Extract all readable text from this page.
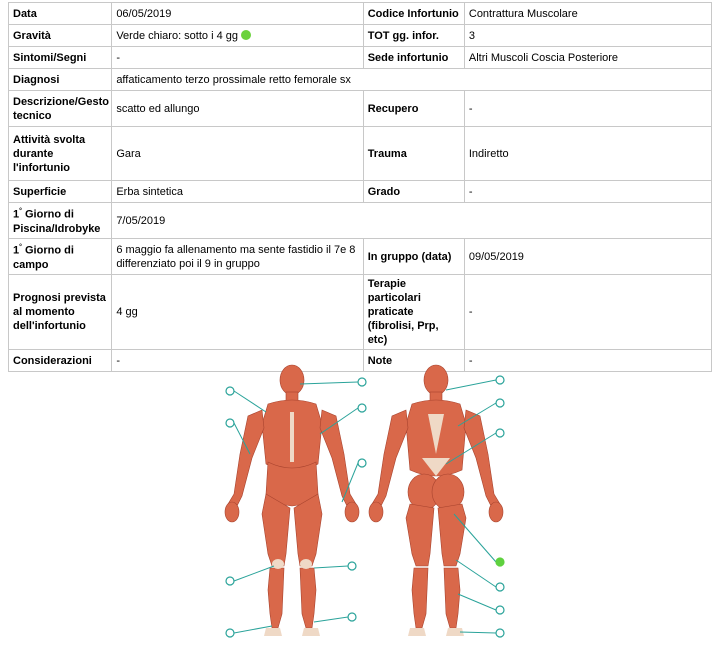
Data	06/05/2019	Codice Infortunio	Contrattura Muscolare
Gravità	Verde chiaro: sotto i 4 gg	TOT gg. infor.	3
Sintomi/Segni	-	Sede infortunio	Altri Muscoli Coscia Posteriore
Diagnosi	affaticamento terzo prossimale retto femorale sx		
Descrizione/Gesto tecnico	scatto ed allungo	Recupero	-
Attività svolta durante l'infortunio	Gara	Trauma	Indiretto
Superficie	Erba sintetica	Grado	-
1° Giorno di Piscina/Idrobyke	7/05/2019		
1° Giorno di campo	6 maggio fa allenamento ma sente fastidio il 7e 8 differenziato poi il 9 in gruppo	In gruppo (data)	09/05/2019
Prognosi prevista al momento dell'infortunio	4 gg	Terapie particolari praticate (fibrolisi, Prp, etc)	-
Considerazioni	-	Note	-
